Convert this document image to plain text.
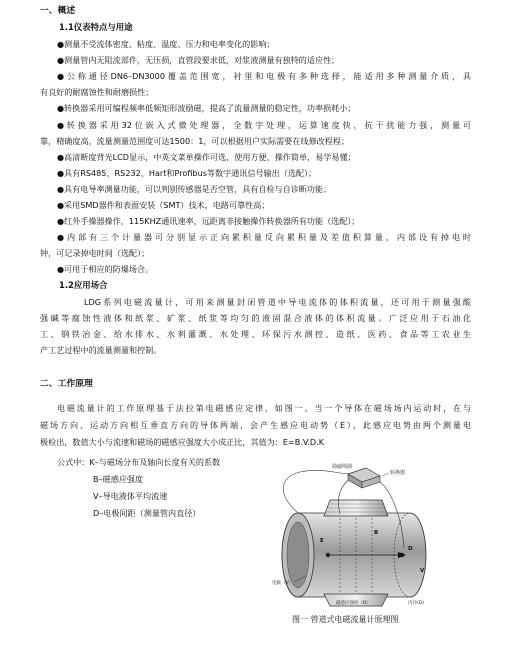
一、概述
1.1仪表特点与用途
●测量不受流体密度、粘度、温度、压力和电率变化的影响；
●测量管内无阻流部件，无压损，直管段要求低，对浆液测量有独特的适应性；
●公称通径DN6–DN3000覆盖范围宽，衬里和电极有多种选择，能适用多种测量介质，具
有良好的耐腐蚀性和耐磨损性；
●转换器采用可编程频率低频矩形波励磁，提高了流量测量的稳定性，功率损耗小；
●转换器采用32位嵌入式微处理器，全数字处理，运算速度快，抗干扰能力强，测量可
靠，精确度高，流量测量范围度可达1500：1，可以根据用户实际需要在线修改程程；
●高清断度背光LCD显示，中英文菜单操作可选，使用方便，操作简单，易学易懂；
●具有RS485、RS232、Hart和Profibus等数字通讯信号输出（选配）；
●具有电导率测量功能，可以判别传感器是否空管，具有自检与自诊断功能；
●采用SMD器件和表面安装（SMT）技术，电路可靠性高；
●红外手操器操作，115KHZ通讯速率，远距离非接触操作转换器所有功能（选配）；
●内部有三个计量器可分别显示正向累积量反向累积量及差值积算量，内部设有掉电时
钟，可记录掉电时间（选配）；
●可用于相应的防爆场合。
1.2应用场合
LDG系列电磁流量计，可用来测量封闭管道中导电流体的体积流量，还可用于测量强酸
强碱等腐蚀性液体和纸浆、矿浆、纸浆等均匀的液固混合液体的体积流量。广泛应用于石油化
工、钢铁冶金、给水排水、水利灌溉、水处理、环保污水测控、造纸、医药、食品等工农业生
产工艺过程中的流量测量和控制。
二、工作原理
电磁流量计的工作原理基于法拉第电磁感应定律，如图一。当一个导体在磁场场内运动时，在与
磁场方向、运动方向相互垂直方向的导体两端，会产生感应电动势（E），此感应电势由两个测量电
极检出，数值大小与流速和磁场的磁感应强度大小成正比，其值为：E=B.V.D.K
公式中：K–与磁场分布及轴向长度有关的系数
B–磁感应强度
V–导电液体平均流速
D–电极间距（测量管内直径）
转换器
励磁线圈
E
D
B
V
电极（V）
磁感应强度（B）	内径(D)
图一 管道式电磁流量计原理图
